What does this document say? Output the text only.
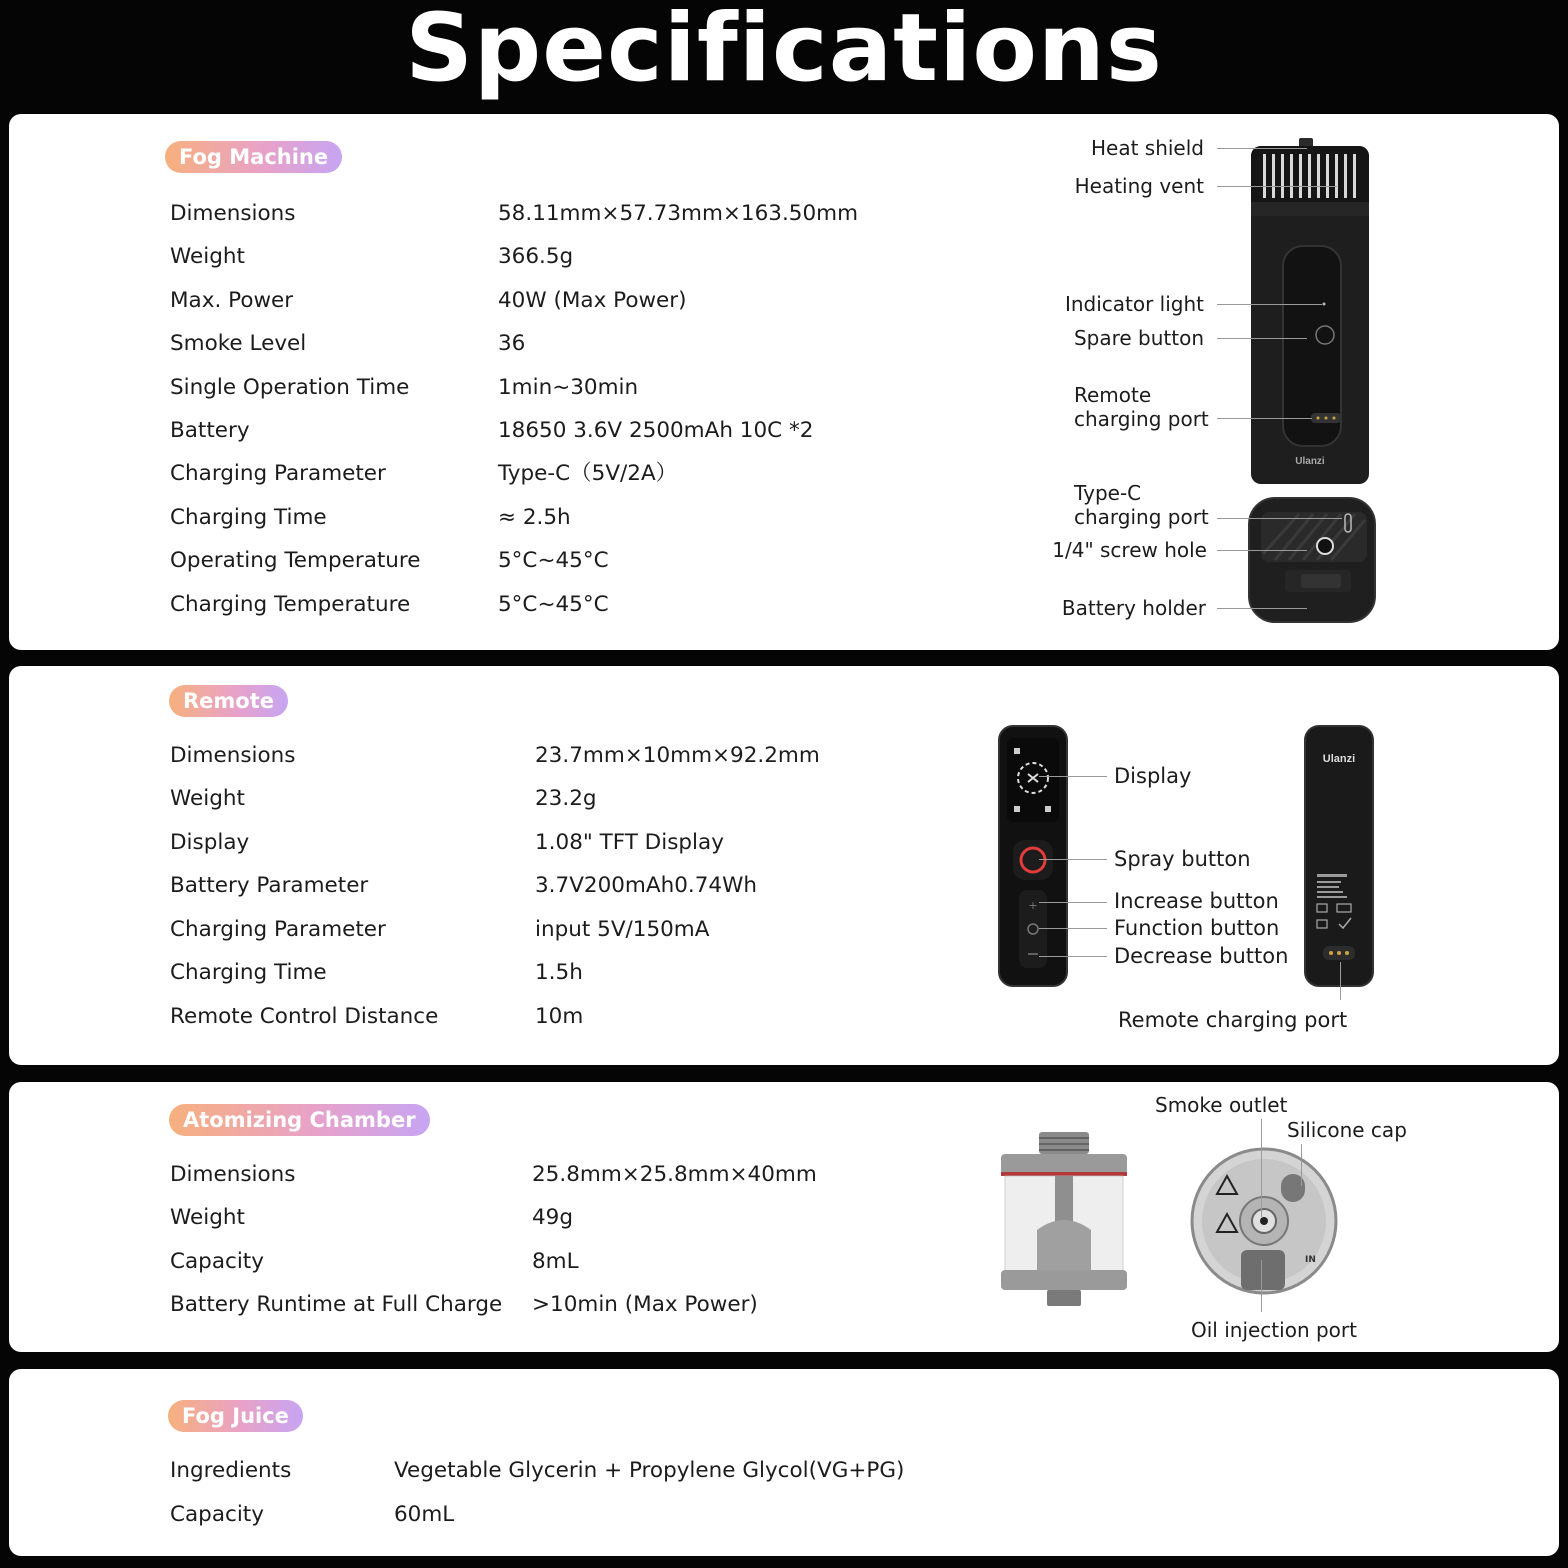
Specifications
Fog Machine
Dimensions	58.11mm×57.73mm×163.50mm
Weight	366.5g
Max. Power	40W (Max Power)
Smoke Level	36
Single Operation Time	1min~30min
Battery	18650 3.6V 2500mAh 10C *2
Charging Parameter	Type-C（5V/2A）
Charging Time	≈ 2.5h
Operating Temperature	5°C~45°C
Charging Temperature	5°C~45°C
Ulanzi
Heat shield
Heating vent
Indicator light
Spare button
Remote
charging port
Type-C
charging port
1/4" screw hole
Battery holder
Remote
Dimensions	23.7mm×10mm×92.2mm
Weight	23.2g
Display	1.08" TFT Display
Battery Parameter	3.7V200mAh0.74Wh
Charging Parameter	input 5V/150mA
Charging Time	1.5h
Remote Control Distance	10m
+
Ulanzi
Display
Spray button
Increase button
Function button
Decrease button
Remote charging port
Atomizing Chamber
Dimensions	25.8mm×25.8mm×40mm
Weight	49g
Capacity	8mL
Battery Runtime at Full Charge >10min (Max Power)
IN
Smoke outlet
Silicone cap
Oil injection port
Fog Juice
Ingredients	Vegetable Glycerin + Propylene Glycol(VG+PG)
Capacity	60mL
